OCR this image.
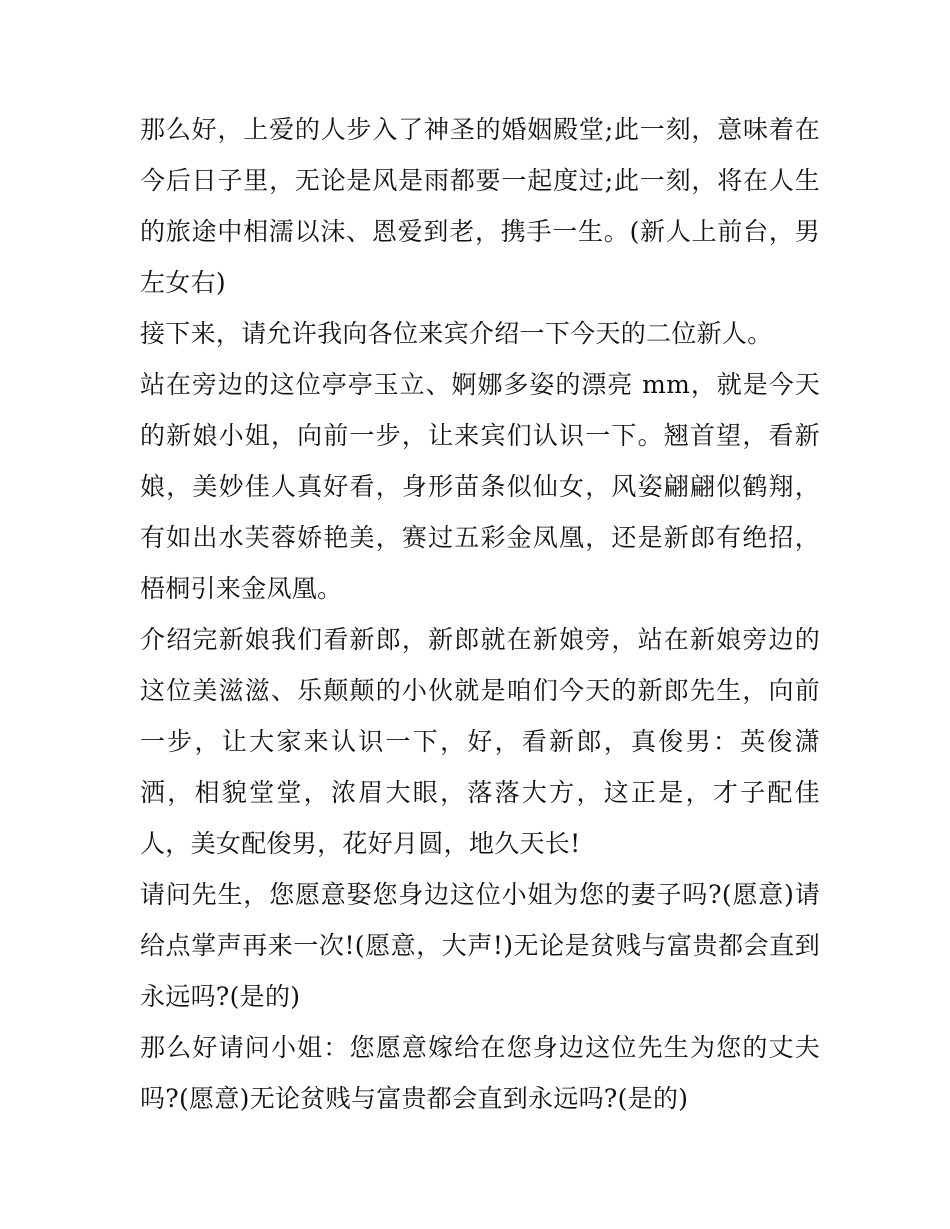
那么好，上爱的人步入了神圣的婚姻殿堂;此一刻，意味着在今后日子里，无论是风是雨都要一起度过;此一刻，将在人生的旅途中相濡以沫、恩爱到老，携手一生。(新人上前台，男左女右)

接下来，请允许我向各位来宾介绍一下今天的二位新人。

站在旁边的这位亭亭玉立、婀娜多姿的漂亮 mm，就是今天的新娘小姐，向前一步，让来宾们认识一下。翘首望，看新娘，美妙佳人真好看，身形苗条似仙女，风姿翩翩似鹤翔，有如出水芙蓉娇艳美，赛过五彩金凤凰，还是新郎有绝招，梧桐引来金凤凰。

介绍完新娘我们看新郎，新郎就在新娘旁，站在新娘旁边的这位美滋滋、乐颠颠的小伙就是咱们今天的新郎先生，向前一步，让大家来认识一下，好，看新郎，真俊男：英俊潇洒，相貌堂堂，浓眉大眼，落落大方，这正是，才子配佳人，美女配俊男，花好月圆，地久天长!

请问先生，您愿意娶您身边这位小姐为您的妻子吗?(愿意)请给点掌声再来一次!(愿意，大声!)无论是贫贱与富贵都会直到永远吗?(是的)

那么好请问小姐：您愿意嫁给在您身边这位先生为您的丈夫吗?(愿意)无论贫贱与富贵都会直到永远吗?(是的)
